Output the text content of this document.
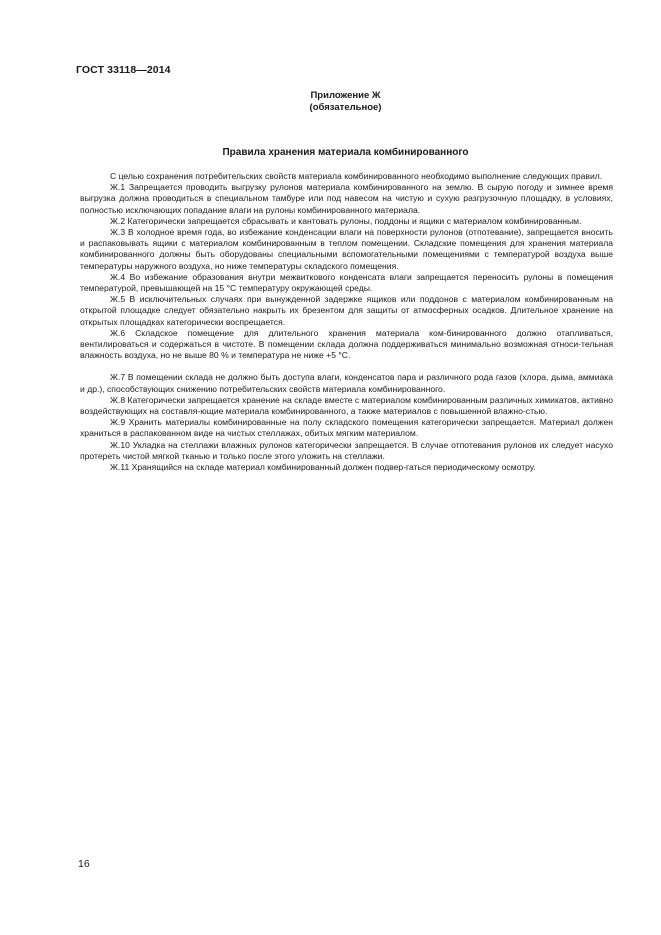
ГОСТ 33118—2014
Приложение Ж
(обязательное)
Правила хранения материала комбинированного

С целью сохранения потребительских свойств материала комбинированного необходимо выполнение следующих правил.

Ж.1 Запрещается проводить выгрузку рулонов материала комбинированного на землю. В сырую погоду и зимнее время выгрузка должна проводиться в специальном тамбуре или под навесом на чистую и сухую разгрузочную площадку, в условиях, полностью исключающих попадание влаги на рулоны комбинированного материала.

Ж.2 Категорически запрещается сбрасывать и кантовать рулоны, поддоны и ящики с материалом комбинированным.

Ж.3 В холодное время года, во избежание конденсации влаги на поверхности рулонов (отпотевание), запрещается вносить и распаковывать ящики с материалом комбинированным в теплом помещении. Складские помещения для хранения материала комбинированного должны быть оборудованы специальными вспомогательными помещениями с температурой воздуха выше температуры наружного воздуха, но ниже температуры складского помещения.

Ж.4 Во избежание образования внутри межвиткового конденсата влаги запрещается переносить рулоны в помещения температурой, превышающей на 15 °С температуру окружающей среды.

Ж.5 В исключительных случаях при вынужденной задержке ящиков или поддонов с материалом комбинированным на открытой площадке следует обязательно накрыть их брезентом для защиты от атмосферных осадков. Длительное хранение на открытых площадках категорически воспрещается.

Ж.6 Складское помещение для длительного хранения материала ком-бинированного должно отапливаться, вентилироваться и содержаться в чистоте. В помещении склада должна поддерживаться минимально возможная относи-тельная влажность воздуха, но не выше 80 % и температура не ниже +5 °С.

Ж.7 В помещении склада не должно быть доступа влаги, конденсатов пара и различного рода газов (хлора, дыма, аммиака и др.), способствующих снижению потребительских свойств материала комбинированного.

Ж.8 Категорически запрещается хранение на складе вместе с материалом комбинированным различных химикатов, активно воздействующих на составля-ющие материала комбинированного, а также материалов с повышенной влажно-стью.

Ж.9 Хранить материалы комбинированные на полу складского помещения категорически запрещается. Материал должен храниться в распакованном виде на чистых стеллажах, обитых мягким материалом.

Ж.10 Укладка на стеллажи влажных рулонов категорически запрещается. В случае отпотевания рулонов их следует насухо протереть чистой мягкой тканью и только после этого уложить на стеллажи.

Ж.11 Хранящийся на складе материал комбинированный должен подвер-гаться периодическому осмотру.

16
